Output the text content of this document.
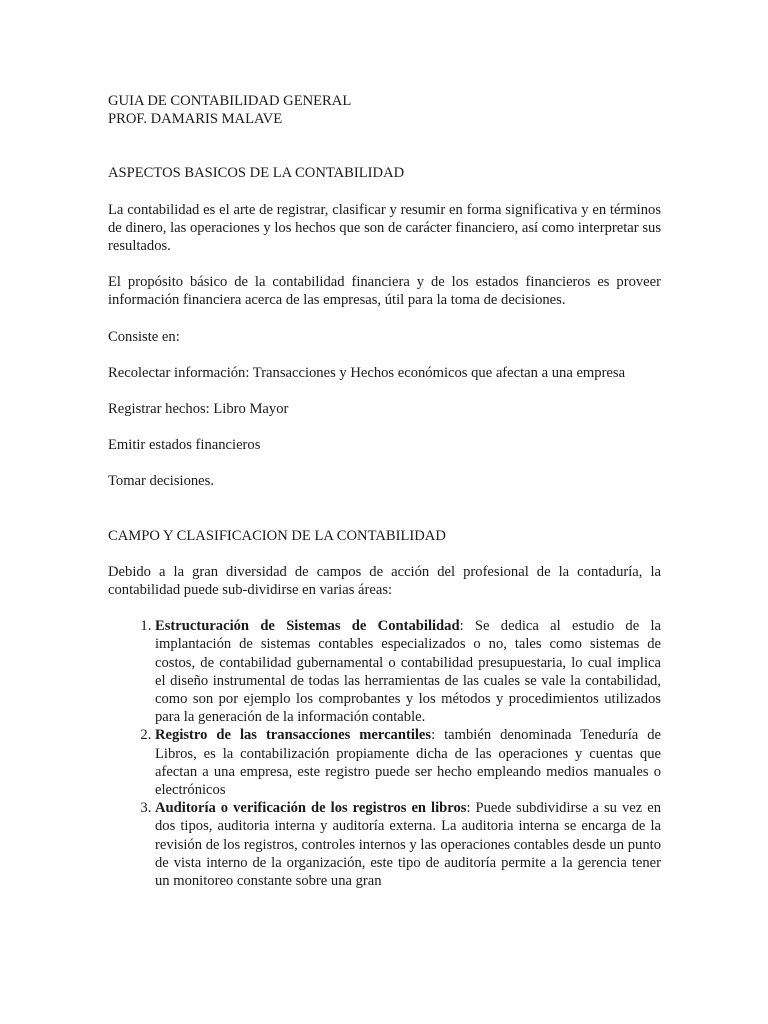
GUIA DE CONTABILIDAD GENERAL

PROF. DAMARIS MALAVE

ASPECTOS BASICOS DE LA CONTABILIDAD

La contabilidad es el arte de registrar, clasificar y resumir en forma significativa y en términos de dinero, las operaciones y los hechos que son de carácter financiero, así como interpretar sus resultados.

El propósito básico de la contabilidad financiera y de los estados financieros es proveer información financiera acerca de las empresas, útil para la toma de decisiones.

Consiste en:

Recolectar información: Transacciones y Hechos económicos que afectan a una empresa

Registrar hechos: Libro Mayor

Emitir estados financieros

Tomar decisiones.

CAMPO Y CLASIFICACION DE LA CONTABILIDAD

Debido a la gran diversidad de campos de acción del profesional de la contaduría, la contabilidad puede sub-dividirse en varias áreas:

1. Estructuración de Sistemas de Contabilidad: Se dedica al estudio de la implantación de sistemas contables especializados o no, tales como sistemas de costos, de contabilidad gubernamental o contabilidad presupuestaria, lo cual implica el diseño instrumental de todas las herramientas de las cuales se vale la contabilidad, como son por ejemplo los comprobantes y los métodos y procedimientos utilizados para la generación de la información contable.
2. Registro de las transacciones mercantiles: también denominada Teneduría de Libros, es la contabilización propiamente dicha de las operaciones y cuentas que afectan a una empresa, este registro puede ser hecho empleando medios manuales o electrónicos
3. Auditoría o verificación de los registros en libros: Puede subdividirse a su vez en dos tipos, auditoria interna y auditoría externa. La auditoria interna se encarga de la revisión de los registros, controles internos y las operaciones contables desde un punto de vista interno de la organización, este tipo de auditoría permite a la gerencia tener un monitoreo constante sobre una gran
